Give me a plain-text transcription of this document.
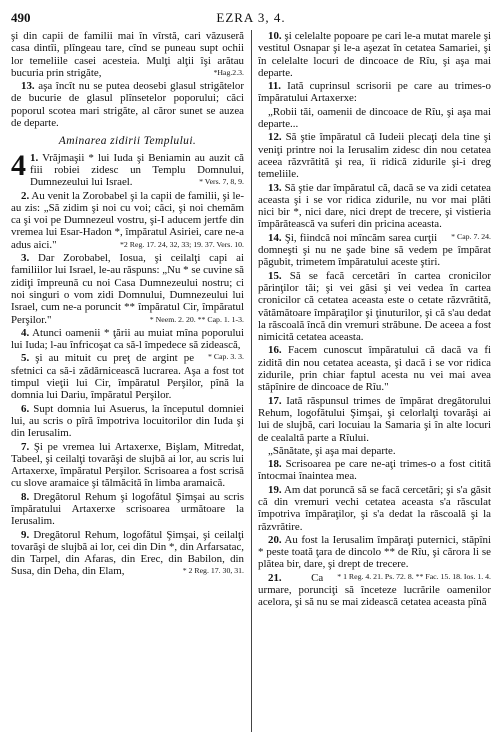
490	EZRA 3, 4.

şi din capii de familii mai în vîrstă, cari văzuseră casa dintîi, plîngeau tare, cînd se puneau supt ochii lor temeliile casei acesteia. Mulţi alţii îşi arătau bucuria prin strigăte,	*Hag.2.3.

13. aşa încît nu se putea deosebi glasul strigătelor de bucurie de glasul plînsetelor poporului; căci poporul scotea mari strigăte, al căror sunet se auzea de departe.

Aminarea zidirii Templului.

4 1. Vrăjmaşii * lui Iuda şi Beniamin au auzit că fiii robiei zidesc un Templu Domnului, Dumnezeului lui Israel.	* Vers. 7, 8, 9.

2. Au venit la Zorobabel şi la capii de familii, şi le-au zis: „Să zidim şi noi cu voi; căci, şi noi chemăm ca şi voi pe Dumnezeul vostru, şi-I aducem jertfe din vremea lui Esar-Hadon *, împăratul Asiriei, care ne-a adus aici."	*2 Reg. 17. 24, 32, 33; 19. 37. Vers. 10.

3. Dar Zorobabel, Iosua, şi ceilalţi capi ai familiilor lui Israel, le-au răspuns: „Nu * se cuvine să zidiţi împreună cu noi Casa Dumnezeului nostru; ci noi singuri o vom zidi Domnului, Dumnezeului lui Israel, cum ne-a poruncit ** împăratul Cir, împăratul Perşilor."	* Neem. 2. 20. ** Cap. 1. 1-3.

4. Atunci oamenii * ţării au muiat mîna poporului lui Iuda; l-au înfricoşat ca să-l împedece să zidească,
* Cap. 3. 3.

5. şi au mituit cu preţ de argint pe sfetnici ca să-i zădărnicească lucrarea. Aşa a fost tot timpul vieţii lui Cir, împăratul Perşilor, pînă la domnia lui Dariu, împăratul Perşilor.

6. Supt domnia lui Asuerus, la începutul domniei lui, au scris o pîră împotriva locuitorilor din Iuda şi din Ierusalim.

7. Şi pe vremea lui Artaxerxe, Bişlam, Mitredat, Tabeel, şi ceilalţi tovarăşi de slujbă ai lor, au scris lui Artaxerxe, împăratul Perşilor. Scrisoarea a fost scrisă cu slove aramaice şi tălmăcită în limba aramaică.

8. Dregătorul Rehum şi logofătul Şimşai au scris împăratului Artaxerxe scrisoarea următoare la Ierusalim.

9. Dregătorul Rehum, logofătul Şimşai, şi ceilalţi tovarăşi de slujbă ai lor, cei din Din *, din Arfarsatac, din Tarpel, din Afaras, din Erec, din Babilon, din Susa, din Deha, din Elam,	* 2 Reg. 17. 30, 31.

10. şi celelalte popoare pe cari le-a mutat marele şi vestitul Osnapar şi le-a aşezat în cetatea Samariei, şi în celelalte locuri de dincoace de Rîu, şi aşa mai departe.

11. Iată cuprinsul scrisorii pe care au trimes-o împăratului Artaxerxe:

„Robii tăi, oamenii de dincoace de Rîu, şi aşa mai departe...

12. Să ştie împăratul că Iudeii plecaţi dela tine şi veniţi printre noi la Ierusalim zidesc din nou cetatea aceea răzvrătită şi rea, îi ridică zidurile şi-i dreg temeliile.

13. Să ştie dar împăratul că, dacă se va zidi cetatea aceasta şi i se vor ridica zidurile, nu vor mai plăti nici bir *, nici dare, nici drept de trecere, şi vistieria împărătească va suferi din pricina aceasta.
* Cap. 7. 24.

14. Şi, fiindcă noi mîncăm sarea curţii domneşti şi nu ne şade bine să vedem pe împărat păgubit, trimetem împăratului aceste ştiri.

15. Să se facă cercetări în cartea cronicilor părinţilor tăi; şi vei găsi şi vei vedea în cartea cronicilor că cetatea aceasta este o cetate răzvrătită, vătămătoare împăraţilor şi ţinuturilor, şi că s'au dedat la răscoală încă din vremuri străbune. De aceea a fost nimicită cetatea aceasta.

16. Facem cunoscut împăratului că dacă va fi zidită din nou cetatea aceasta, şi dacă i se vor ridica zidurile, prin chiar faptul acesta nu vei mai avea stăpînire de dincoace de Rîu."

17. Iată răspunsul trimes de împărat dregătorului Rehum, logofătului Şimşai, şi celorlalţi tovarăşi ai lui de slujbă, cari locuiau la Samaria şi în alte locuri de cealaltă parte a Rîului.

„Sănătate, şi aşa mai departe.

18. Scrisoarea pe care ne-aţi trimes-o a fost citită întocmai înaintea mea.

19. Am dat poruncă să se facă cercetări; şi s'a găsit că din vremuri vechi cetatea aceasta s'a răsculat împotriva împăraţilor, şi s'a dedat la răscoală şi la răzvrătire.

20. Au fost la Ierusalim împăraţi puternici, stăpîni * peste toată ţara de dincolo ** de Rîu, şi cărora li se plătea bir, dare, şi drept de trecere.
* 1 Reg. 4. 21. Ps. 72. 8. ** Fac. 15. 18. Ios. 1. 4.

21.	Ca urmare, porunciţi să înceteze lucrările oamenilor acelora, şi să nu se mai zidească cetatea aceasta pînă
